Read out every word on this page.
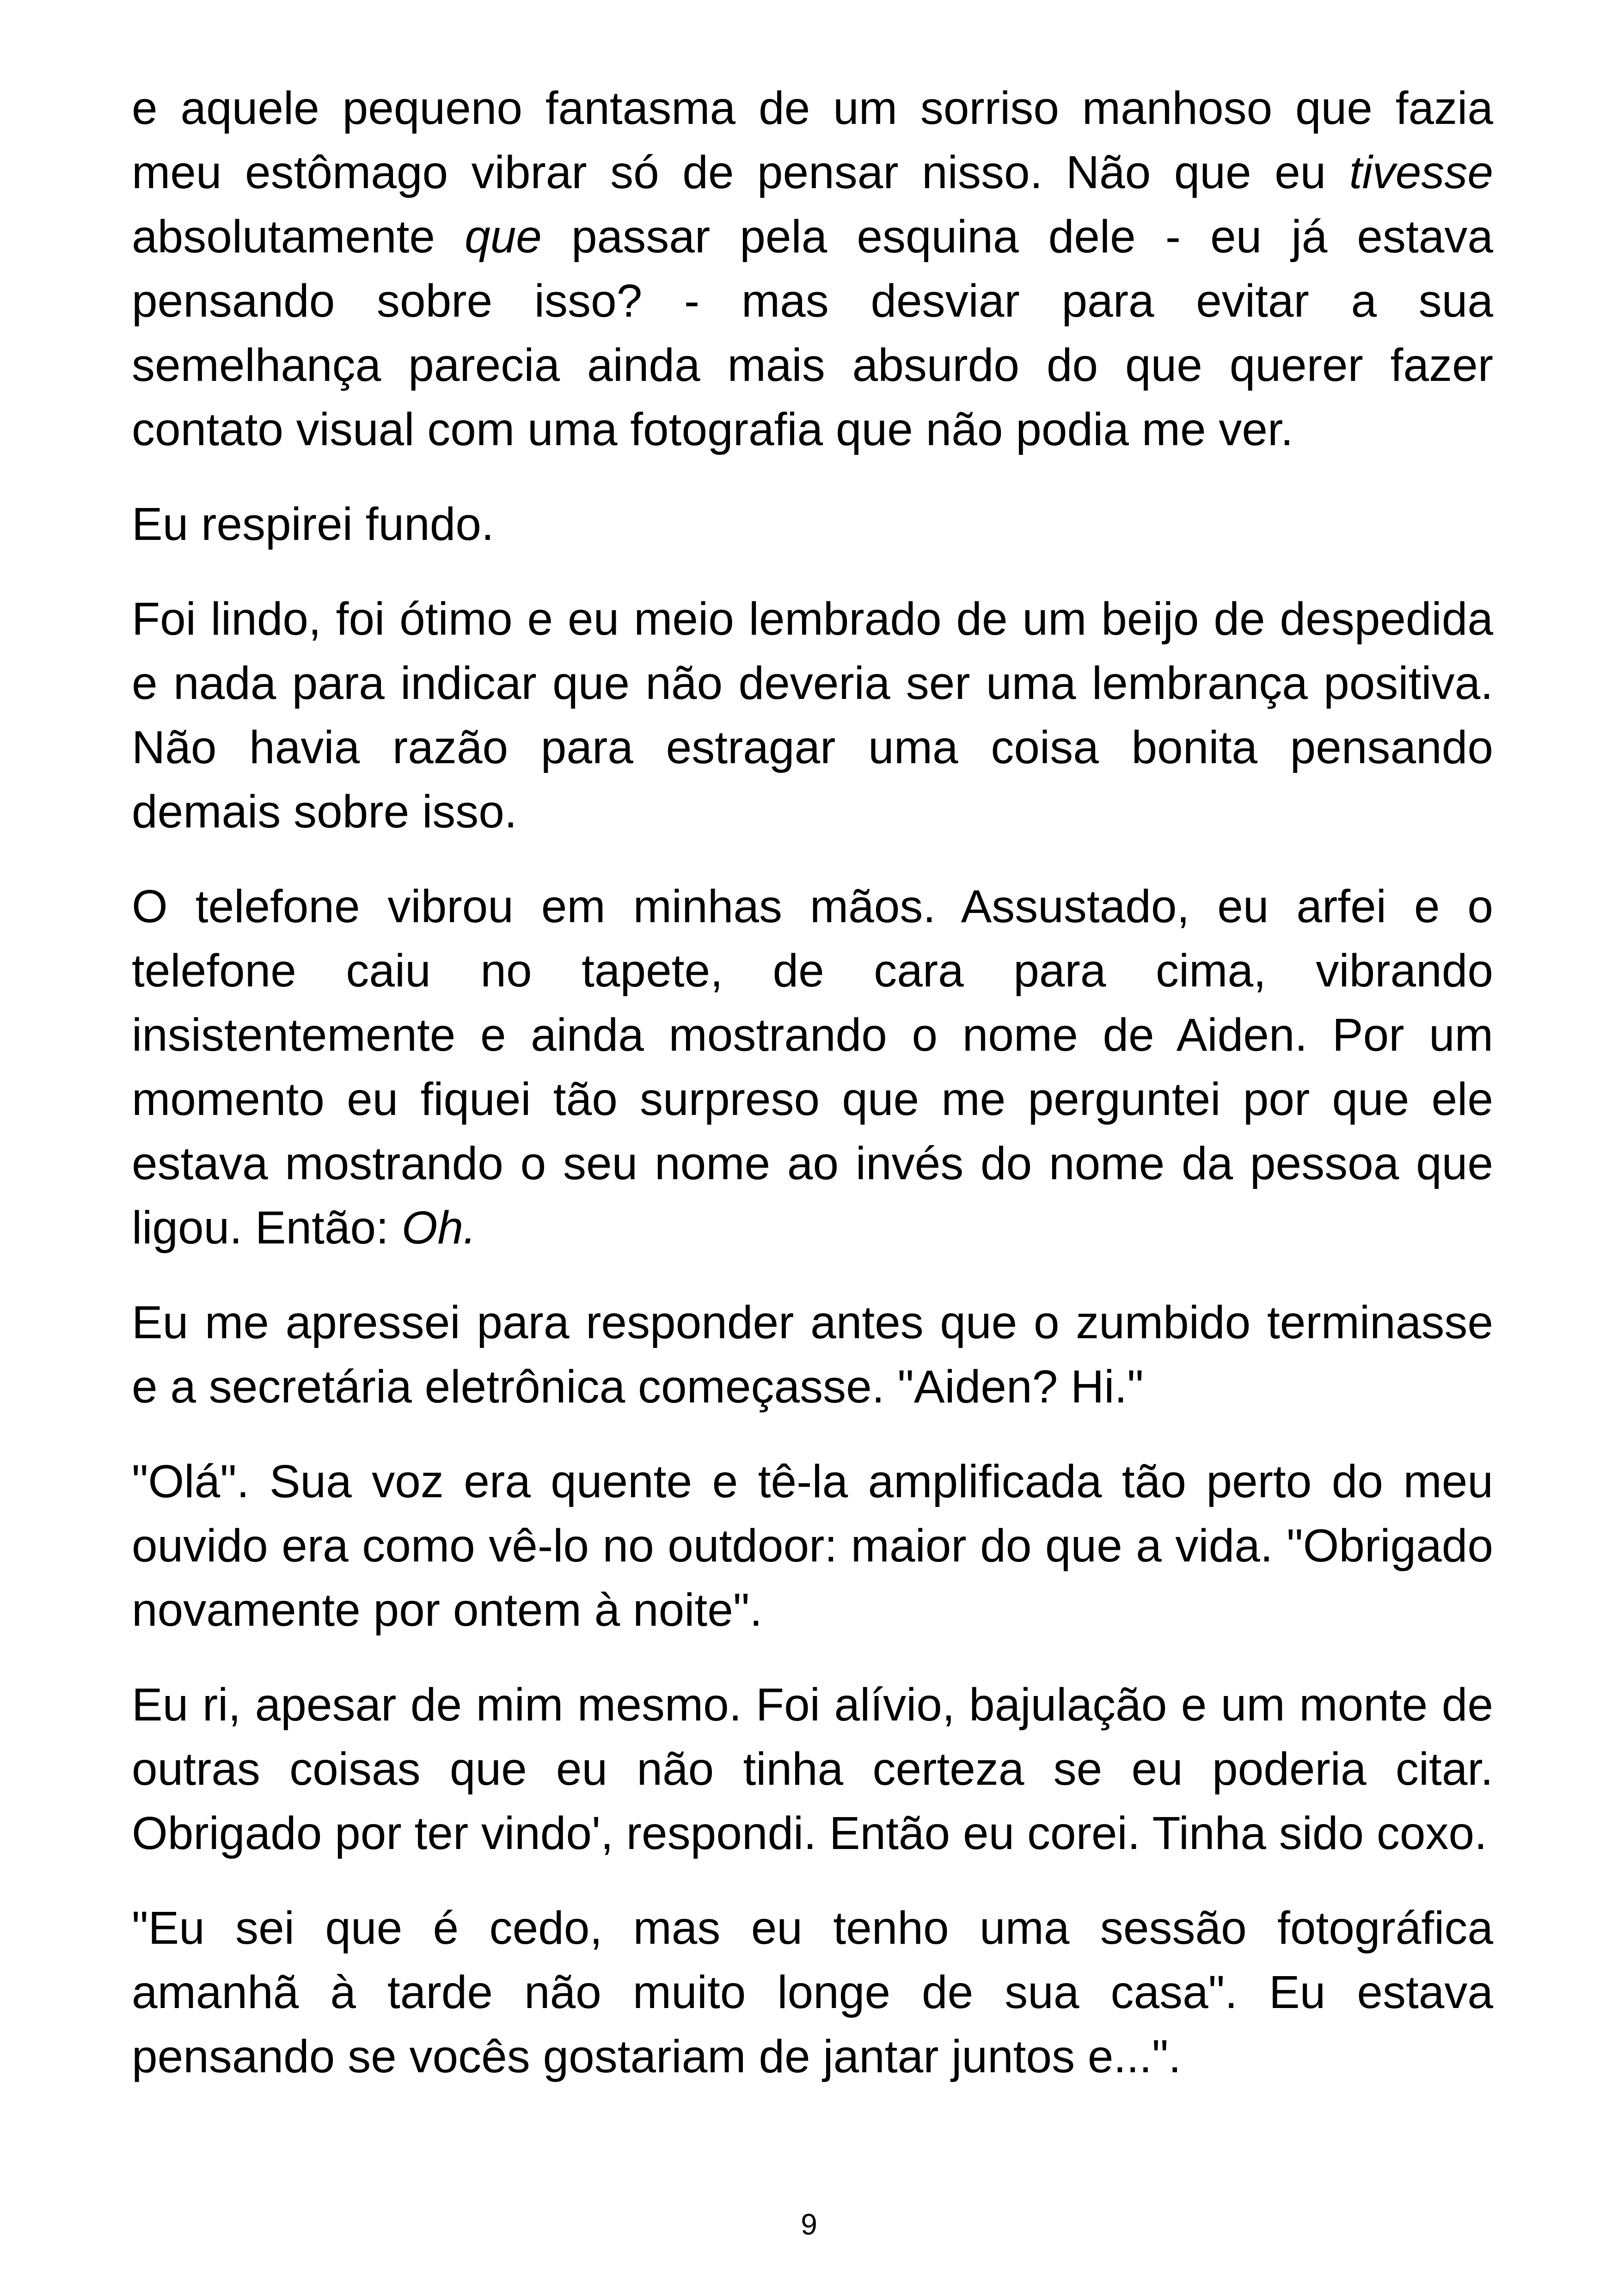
e aquele pequeno fantasma de um sorriso manhoso que fazia meu estômago vibrar só de pensar nisso. Não que eu tivesse absolutamente que passar pela esquina dele - eu já estava pensando sobre isso? - mas desviar para evitar a sua semelhança parecia ainda mais absurdo do que querer fazer contato visual com uma fotografia que não podia me ver.

Eu respirei fundo.

Foi lindo, foi ótimo e eu meio lembrado de um beijo de despedida e nada para indicar que não deveria ser uma lembrança positiva. Não havia razão para estragar uma coisa bonita pensando demais sobre isso.

O telefone vibrou em minhas mãos. Assustado, eu arfei e o telefone caiu no tapete, de cara para cima, vibrando insistentemente e ainda mostrando o nome de Aiden. Por um momento eu fiquei tão surpreso que me perguntei por que ele estava mostrando o seu nome ao invés do nome da pessoa que ligou. Então: Oh.

Eu me apressei para responder antes que o zumbido terminasse e a secretária eletrônica começasse. "Aiden? Hi."

"Olá". Sua voz era quente e tê-la amplificada tão perto do meu ouvido era como vê-lo no outdoor: maior do que a vida. "Obrigado novamente por ontem à noite".

Eu ri, apesar de mim mesmo. Foi alívio, bajulação e um monte de outras coisas que eu não tinha certeza se eu poderia citar. Obrigado por ter vindo', respondi. Então eu corei. Tinha sido coxo.

"Eu sei que é cedo, mas eu tenho uma sessão fotográfica amanhã à tarde não muito longe de sua casa". Eu estava pensando se vocês gostariam de jantar juntos e...".

9
